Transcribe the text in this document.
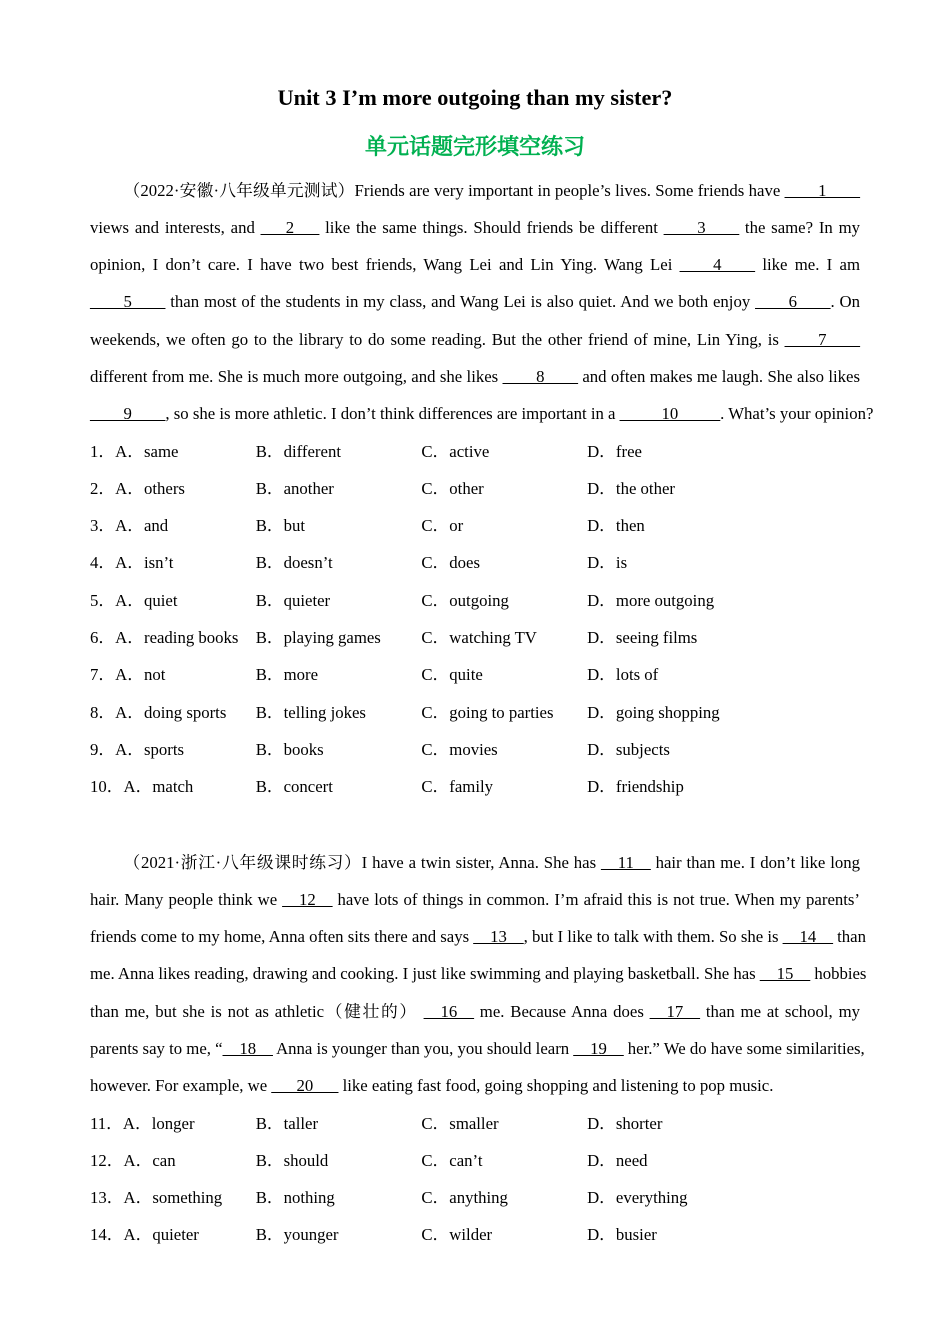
Unit 3 I’m more outgoing than my sister?
单元话题完形填空练习
（2022·安徽·八年级单元测试）Friends are very important in people’s lives. Some friends have ____1____
views and interests, and ___2___ like the same things. Should friends be different ____3____ the same? In my
opinion, I don’t care. I have two best friends, Wang Lei and Lin Ying. Wang Lei ____4____ like me. I am
____5____ than most of the students in my class, and Wang Lei is also quiet. And we both enjoy ____6____. On
weekends, we often go to the library to do some reading. But the other friend of mine, Lin Ying, is ____7____
different from me. She is much more outgoing, and she likes ____8____ and often makes me laugh. She also likes
____9____, so she is more athletic. I don’t think differences are important in a _____10_____. What’s your opinion?
1．A．same	B．different	C．active	D．free
2．A．others	B．another	C．other	D．the other
3．A．and	B．but	C．or	D．then
4．A．isn’t	B．doesn’t	C．does	D．is
5．A．quiet	B．quieter	C．outgoing	D．more outgoing
6．A．reading books	B．playing games	C．watching TV	D．seeing films
7．A．not	B．more	C．quite	D．lots of
8．A．doing sports	B．telling jokes	C．going to parties	D．going shopping
9．A．sports	B．books	C．movies	D．subjects
10．A．match	B．concert	C．family	D．friendship
（2021·浙江·八年级课时练习）I have a twin sister, Anna. She has __11__ hair than me. I don’t like long
hair. Many people think we __12__ have lots of things in common. I’m afraid this is not true. When my parents’
friends come to my home, Anna often sits there and says __13__, but I like to talk with them. So she is __14__ than
me. Anna likes reading, drawing and cooking. I just like swimming and playing basketball. She has __15__ hobbies
than me, but she is not as athletic（健壮的） __16__ me. Because Anna does __17__ than me at school, my
parents say to me, “__18__ Anna is younger than you, you should learn __19__ her.” We do have some similarities,
however. For example, we ___20___ like eating fast food, going shopping and listening to pop music.
11．A．longer	B．taller	C．smaller	D．shorter
12．A．can	B．should	C．can’t	D．need
13．A．something	B．nothing	C．anything	D．everything
14．A．quieter	B．younger	C．wilder	D．busier
